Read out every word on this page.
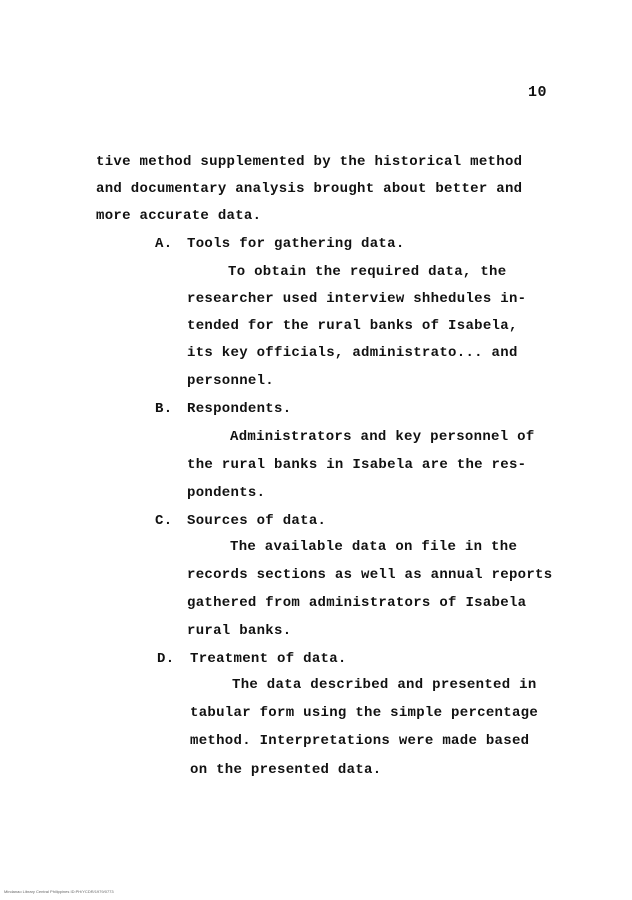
10
tive method supplemented by the historical method
and documentary analysis brought about better and
more accurate data.
A. Tools for gathering data.
To obtain the required data, the
researcher used interview shhedules in-
tended for the rural banks of Isabela,
its key officials, administrato... and
personnel.
B. Respondents.
Administrators and key personnel of
the rural banks in Isabela are the res-
pondents.
C. Sources of data.
The available data on file in the
records sections as well as annual reports
gathered from administrators of Isabela
rural banks.
D. Treatment of data.
The data described and presented in
tabular form using the simple percentage
method. Interpretations were made based
on the presented data.
Mindanao Library Central Philippines ID:PH/YCDR/1979/0773
